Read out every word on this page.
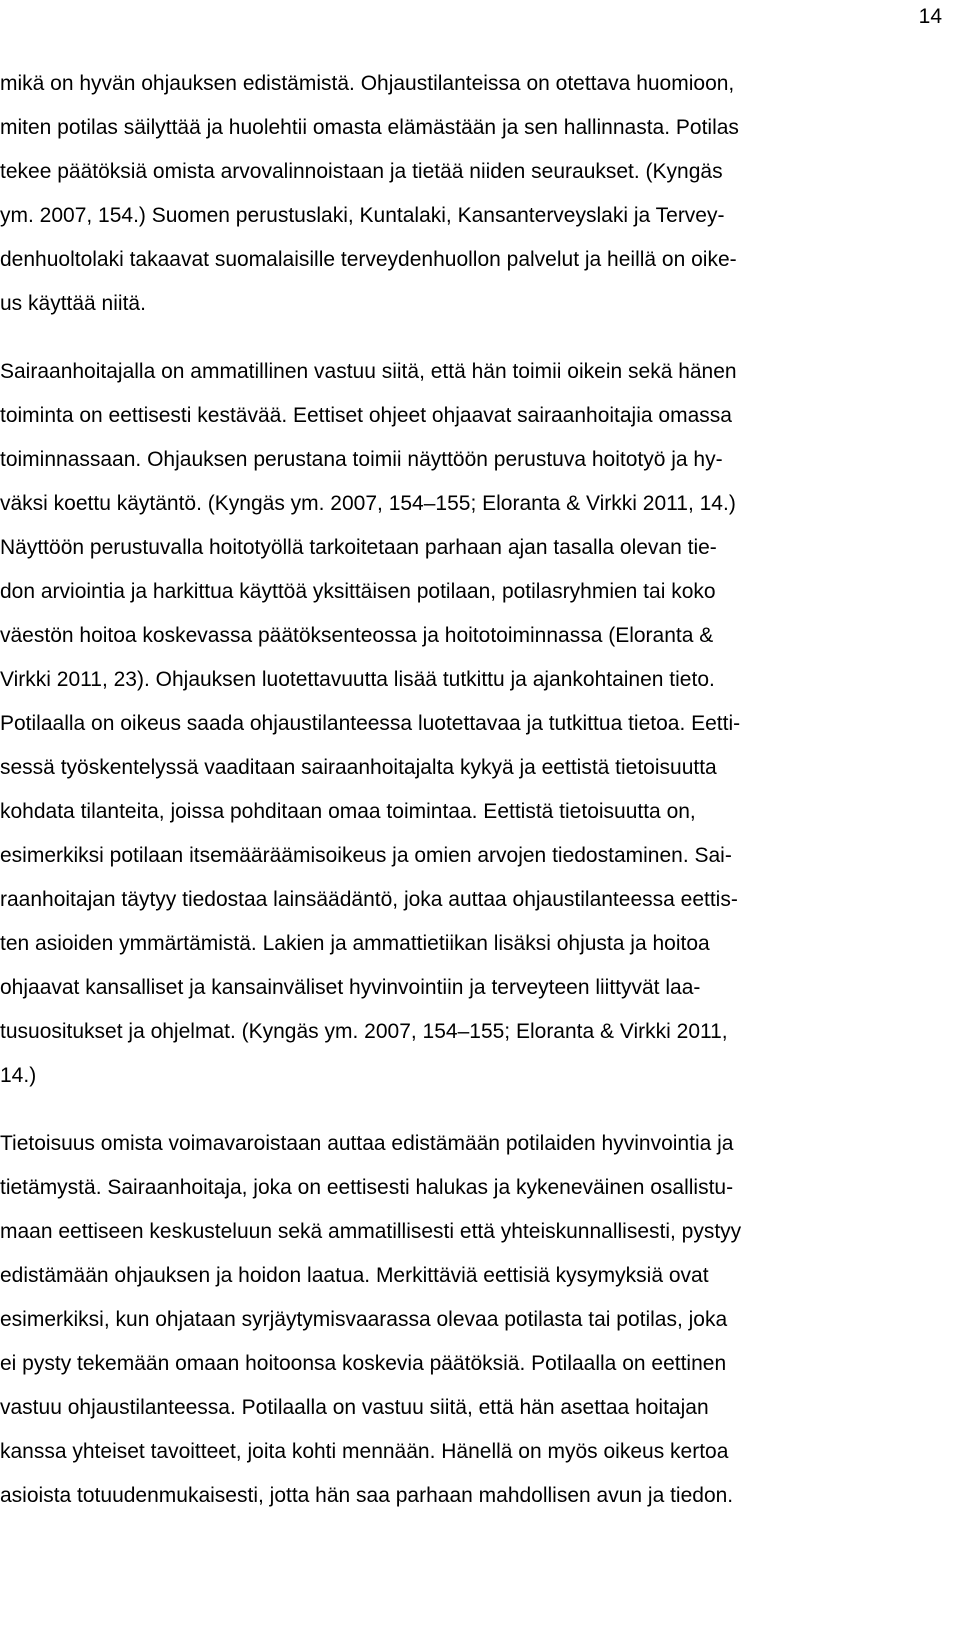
14
mikä on hyvän ohjauksen edistämistä. Ohjaustilanteissa on otettava huomioon,
miten potilas säilyttää ja huolehtii omasta elämästään ja sen hallinnasta. Potilas
tekee päätöksiä omista arvovalinnoistaan ja tietää niiden seuraukset. (Kyngäs
ym. 2007, 154.) Suomen perustuslaki, Kuntalaki, Kansanterveyslaki ja Tervey-
denhuoltolaki takaavat suomalaisille terveydenhuollon palvelut ja heillä on oike-
us käyttää niitä.
Sairaanhoitajalla on ammatillinen vastuu siitä, että hän toimii oikein sekä hänen
toiminta on eettisesti kestävää. Eettiset ohjeet ohjaavat sairaanhoitajia omassa
toiminnassaan. Ohjauksen perustana toimii näyttöön perustuva hoitotyö ja hy-
väksi koettu käytäntö. (Kyngäs ym. 2007, 154–155; Eloranta & Virkki 2011, 14.)
Näyttöön perustuvalla hoitotyöllä tarkoitetaan parhaan ajan tasalla olevan tie-
don arviointia ja harkittua käyttöä yksittäisen potilaan, potilasryhmien tai koko
väestön hoitoa koskevassa päätöksenteossa ja hoitotoiminnassa (Eloranta &
Virkki 2011, 23). Ohjauksen luotettavuutta lisää tutkittu ja ajankohtainen tieto.
Potilaalla on oikeus saada ohjaustilanteessa luotettavaa ja tutkittua tietoa. Eetti-
sessä työskentelyssä vaaditaan sairaanhoitajalta kykyä ja eettistä tietoisuutta
kohdata tilanteita, joissa pohditaan omaa toimintaa. Eettistä tietoisuutta on,
esimerkiksi potilaan itsemääräämisoikeus ja omien arvojen tiedostaminen. Sai-
raanhoitajan täytyy tiedostaa lainsäädäntö, joka auttaa ohjaustilanteessa eettis-
ten asioiden ymmärtämistä. Lakien ja ammattietiikan lisäksi ohjusta ja hoitoa
ohjaavat kansalliset ja kansainväliset hyvinvointiin ja terveyteen liittyvät laa-
tusuositukset ja ohjelmat. (Kyngäs ym. 2007, 154–155; Eloranta & Virkki 2011,
14.)
Tietoisuus omista voimavaroistaan auttaa edistämään potilaiden hyvinvointia ja
tietämystä. Sairaanhoitaja, joka on eettisesti halukas ja kykeneväinen osallistu-
maan eettiseen keskusteluun sekä ammatillisesti että yhteiskunnallisesti, pystyy
edistämään ohjauksen ja hoidon laatua. Merkittäviä eettisiä kysymyksiä ovat
esimerkiksi, kun ohjataan syrjäytymisvaarassa olevaa potilasta tai potilas, joka
ei pysty tekemään omaan hoitoonsa koskevia päätöksiä. Potilaalla on eettinen
vastuu ohjaustilanteessa. Potilaalla on vastuu siitä, että hän asettaa hoitajan
kanssa yhteiset tavoitteet, joita kohti mennään. Hänellä on myös oikeus kertoa
asioista totuudenmukaisesti, jotta hän saa parhaan mahdollisen avun ja tiedon.
